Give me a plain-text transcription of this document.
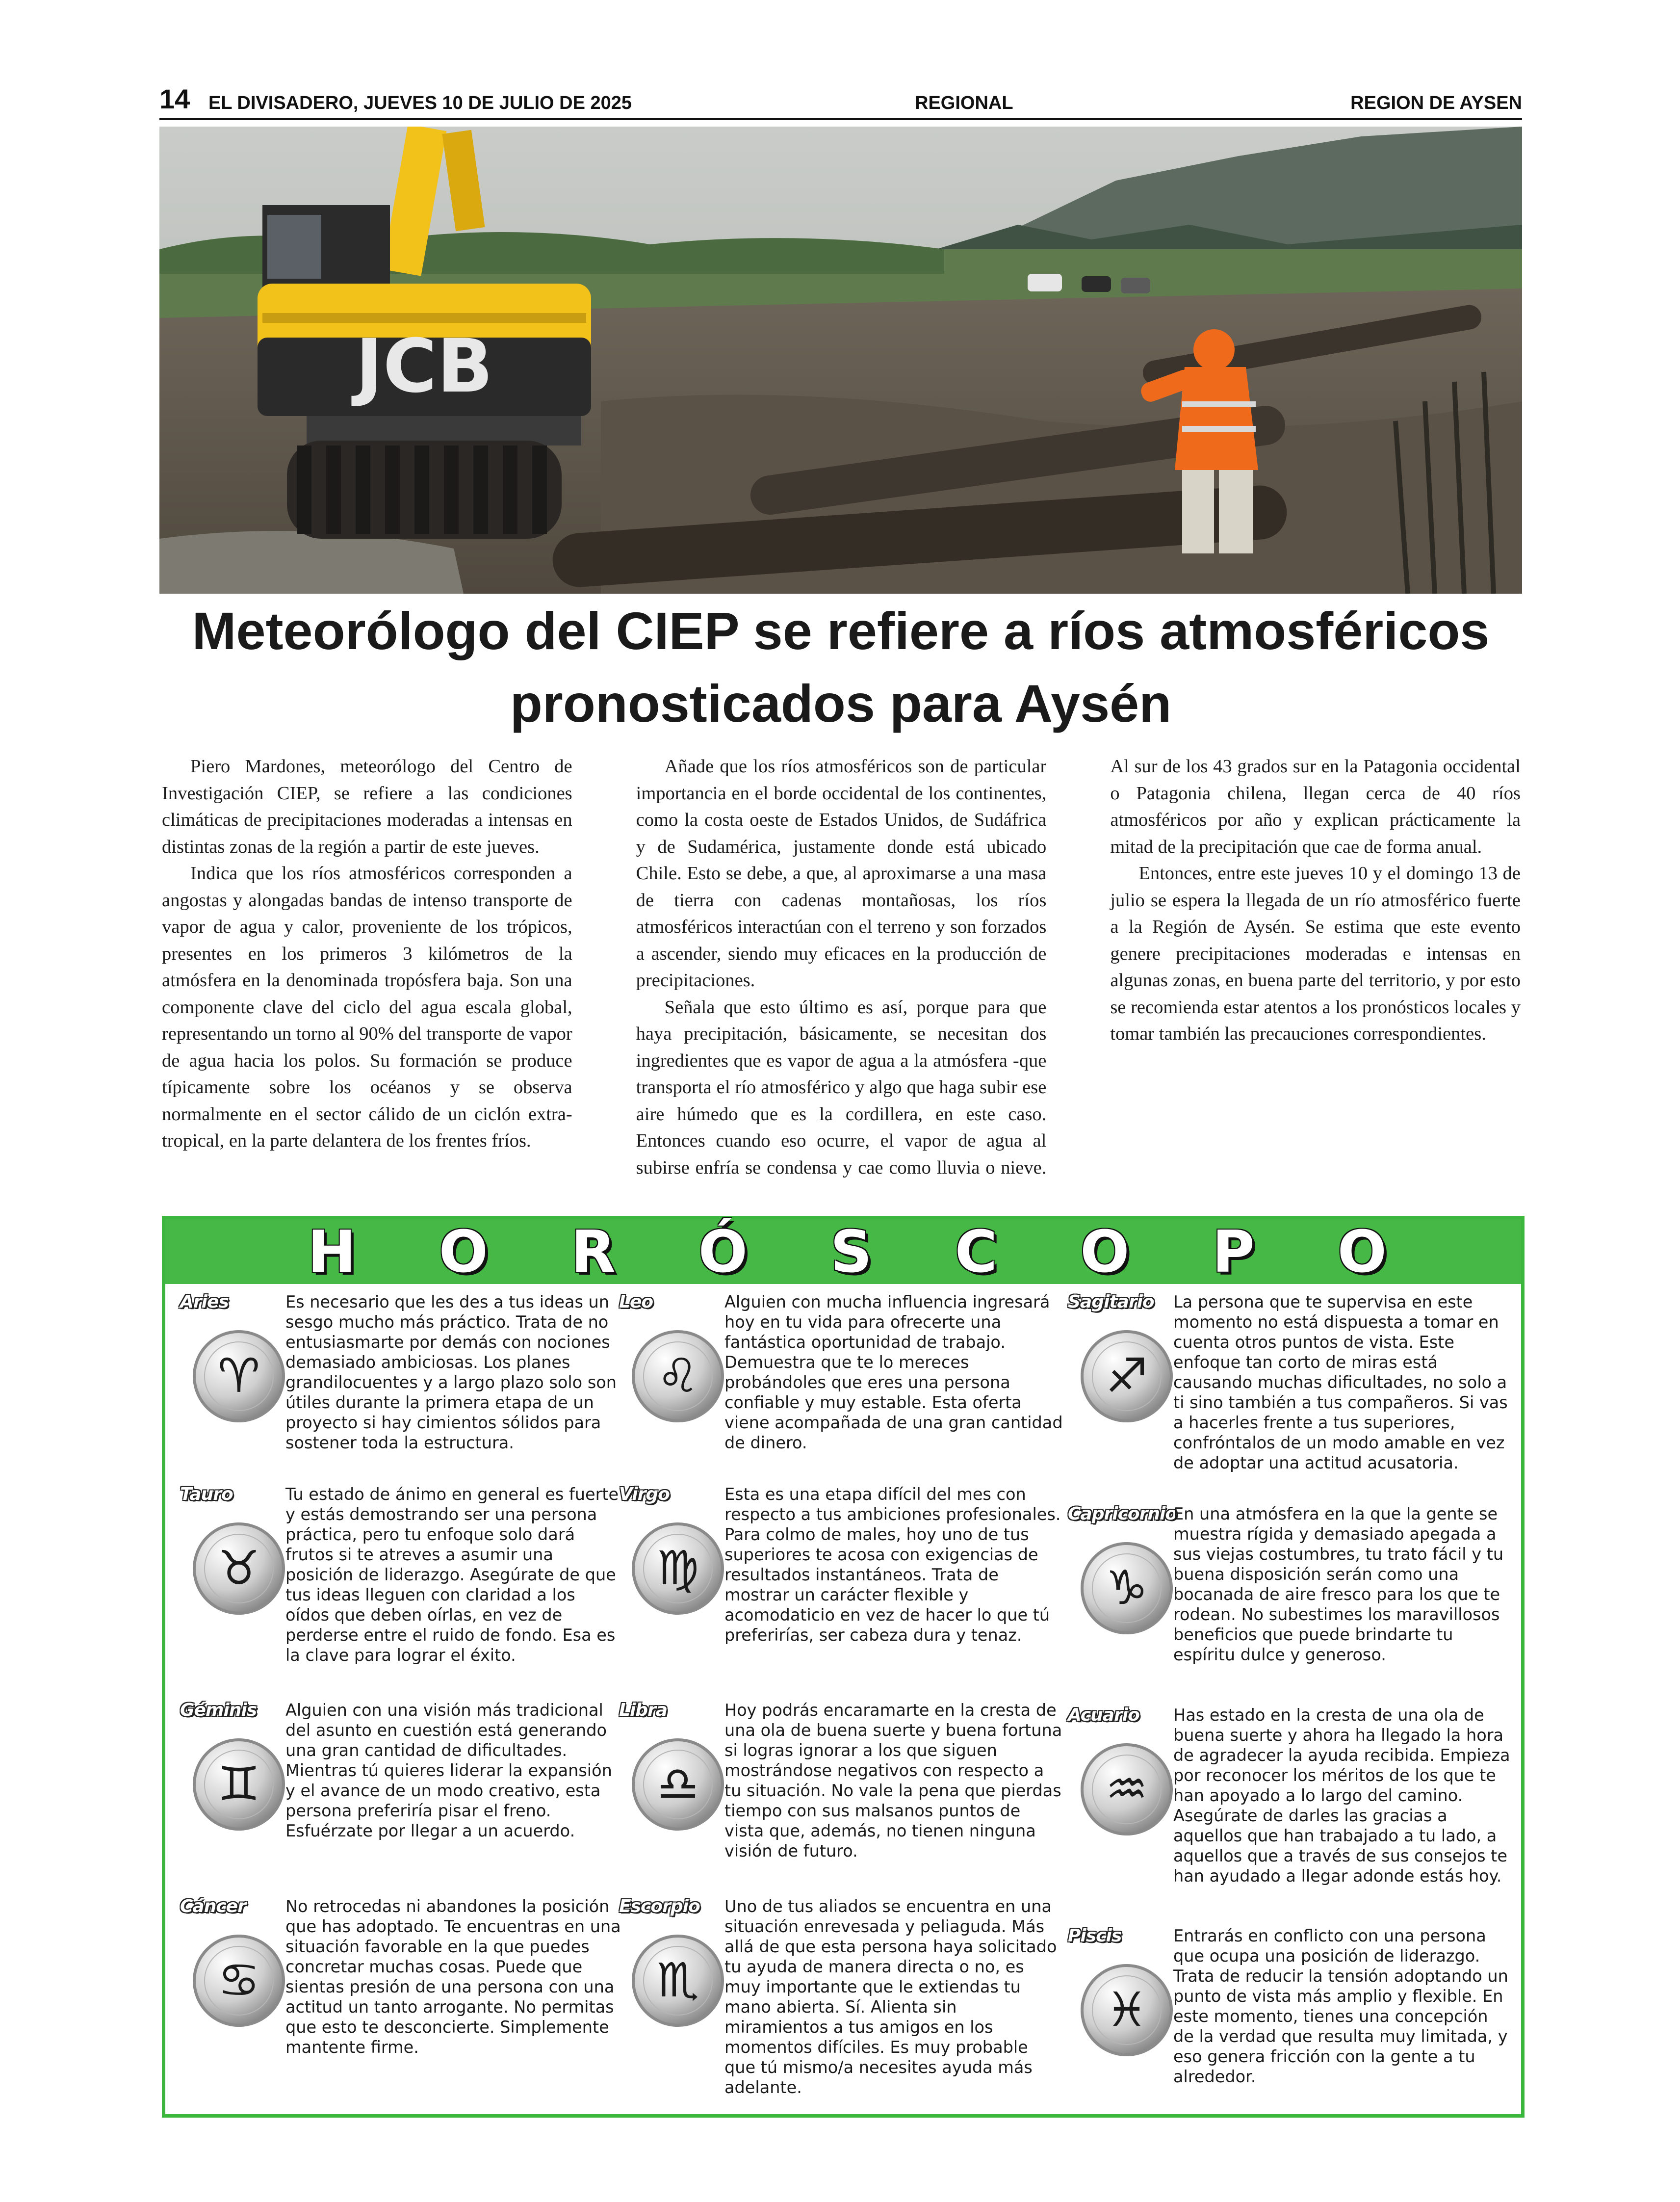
14 EL DIVISADERO, JUEVES 10 DE JULIO DE 2025	REGIONAL	REGION DE AYSEN
JCB
Meteorólogo del CIEP se refiere a ríos atmosféricos
pronosticados para Aysén

Piero Mardones, meteorólogo del Centro de Investigación CIEP, se refiere a las condiciones climáticas de precipitaciones moderadas a intensas en distintas zonas de la región a partir de este jueves.

Indica que los ríos atmosféricos corresponden a angostas y alongadas bandas de intenso transporte de vapor de agua y calor, proveniente de los trópicos, presentes en los primeros 3 kilómetros de la atmósfera en la denominada tropósfera baja. Son una componente clave del ciclo del agua escala global, representando un torno al 90% del transporte de vapor de agua hacia los polos. Su formación se produce típicamente sobre los océanos y se observa normalmente en el sector cálido de un ciclón extra-tropical, en la parte delantera de los frentes fríos.

Añade que los ríos atmosféricos son de particular importancia en el borde occidental de los continentes, como la costa oeste de Estados Unidos, de Sudáfrica y de Sudamérica, justamente donde está ubicado Chile. Esto se debe, a que, al aproximarse a una masa de tierra con cadenas montañosas, los ríos atmosféricos interactúan con el terreno y son forzados a ascender, siendo muy eficaces en la producción de precipitaciones.

Señala que esto último es así, porque para que haya precipitación, básicamente, se necesitan dos ingredientes que es vapor de agua a la atmósfera -que transporta el río atmosférico y algo que haga subir ese aire húmedo que es la cordillera, en este caso. Entonces cuando eso ocurre, el vapor de agua al subirse enfría se condensa y cae como lluvia o nieve. Al sur de los 43 grados sur en la Patagonia occidental o Patagonia chilena, llegan cerca de 40 ríos atmosféricos por año y explican prácticamente la mitad de la precipitación que cae de forma anual.

Entonces, entre este jueves 10 y el domingo 13 de julio se espera la llegada de un río atmosférico fuerte a la Región de Aysén. Se estima que este evento genere precipitaciones moderadas e intensas en algunas zonas, en buena parte del territorio, y por esto se recomienda estar atentos a los pronósticos locales y tomar también las precauciones correspondientes.

H O R Ó S C O P O
Aries
♈
Es necesario que les des a tus ideas un sesgo mucho más práctico. Trata de no entusiasmarte por demás con nociones demasiado ambiciosas. Los planes grandilocuentes y a largo plazo solo son útiles durante la primera etapa de un proyecto si hay cimientos sólidos para sostener toda la estructura.
Tauro
♉
Tu estado de ánimo en general es fuerte y estás demostrando ser una persona práctica, pero tu enfoque solo dará frutos si te atreves a asumir una posición de liderazgo. Asegúrate de que tus ideas lleguen con claridad a los oídos que deben oírlas, en vez de perderse entre el ruido de fondo. Esa es la clave para lograr el éxito.
Géminis
♊
Alguien con una visión más tradicional del asunto en cuestión está generando una gran cantidad de dificultades. Mientras tú quieres liderar la expansión y el avance de un modo creativo, esta persona preferiría pisar el freno. Esfuérzate por llegar a un acuerdo.
Cáncer
♋
No retrocedas ni abandones la posición que has adoptado. Te encuentras en una situación favorable en la que puedes concretar muchas cosas. Puede que sientas presión de una persona con una actitud un tanto arrogante. No permitas que esto te desconcierte. Simplemente mantente firme.
Leo
♌
Alguien con mucha influencia ingresará hoy en tu vida para ofrecerte una fantástica oportunidad de trabajo. Demuestra que te lo mereces probándoles que eres una persona confiable y muy estable. Esta oferta viene acompañada de una gran cantidad de dinero.
Virgo
♍
Esta es una etapa difícil del mes con respecto a tus ambiciones profesionales. Para colmo de males, hoy uno de tus superiores te acosa con exigencias de resultados instantáneos. Trata de mostrar un carácter flexible y acomodaticio en vez de hacer lo que tú preferirías, ser cabeza dura y tenaz.
Libra
♎
Hoy podrás encaramarte en la cresta de una ola de buena suerte y buena fortuna si logras ignorar a los que siguen mostrándose negativos con respecto a tu situación. No vale la pena que pierdas tiempo con sus malsanos puntos de vista que, además, no tienen ninguna visión de futuro.
Escorpio
♏
Uno de tus aliados se encuentra en una situación enrevesada y peliaguda. Más allá de que esta persona haya solicitado tu ayuda de manera directa o no, es muy importante que le extiendas tu mano abierta. Sí. Alienta sin miramientos a tus amigos en los momentos difíciles. Es muy probable que tú mismo/a necesites ayuda más adelante.
Sagitario
♐
La persona que te supervisa en este momento no está dispuesta a tomar en cuenta otros puntos de vista. Este enfoque tan corto de miras está causando muchas dificultades, no solo a ti sino también a tus compañeros. Si vas a hacerles frente a tus superiores, confróntalos de un modo amable en vez de adoptar una actitud acusatoria.
Capricornio
♑
En una atmósfera en la que la gente se muestra rígida y demasiado apegada a sus viejas costumbres, tu trato fácil y tu buena disposición serán como una bocanada de aire fresco para los que te rodean. No subestimes los maravillosos beneficios que puede brindarte tu espíritu dulce y generoso.
Acuario
♒
Has estado en la cresta de una ola de buena suerte y ahora ha llegado la hora de agradecer la ayuda recibida. Empieza por reconocer los méritos de los que te han apoyado a lo largo del camino. Asegúrate de darles las gracias a aquellos que han trabajado a tu lado, a aquellos que a través de sus consejos te han ayudado a llegar adonde estás hoy.
Piscis
♓
Entrarás en conflicto con una persona que ocupa una posición de liderazgo. Trata de reducir la tensión adoptando un punto de vista más amplio y flexible. En este momento, tienes una concepción de la verdad que resulta muy limitada, y eso genera fricción con la gente a tu alrededor.
